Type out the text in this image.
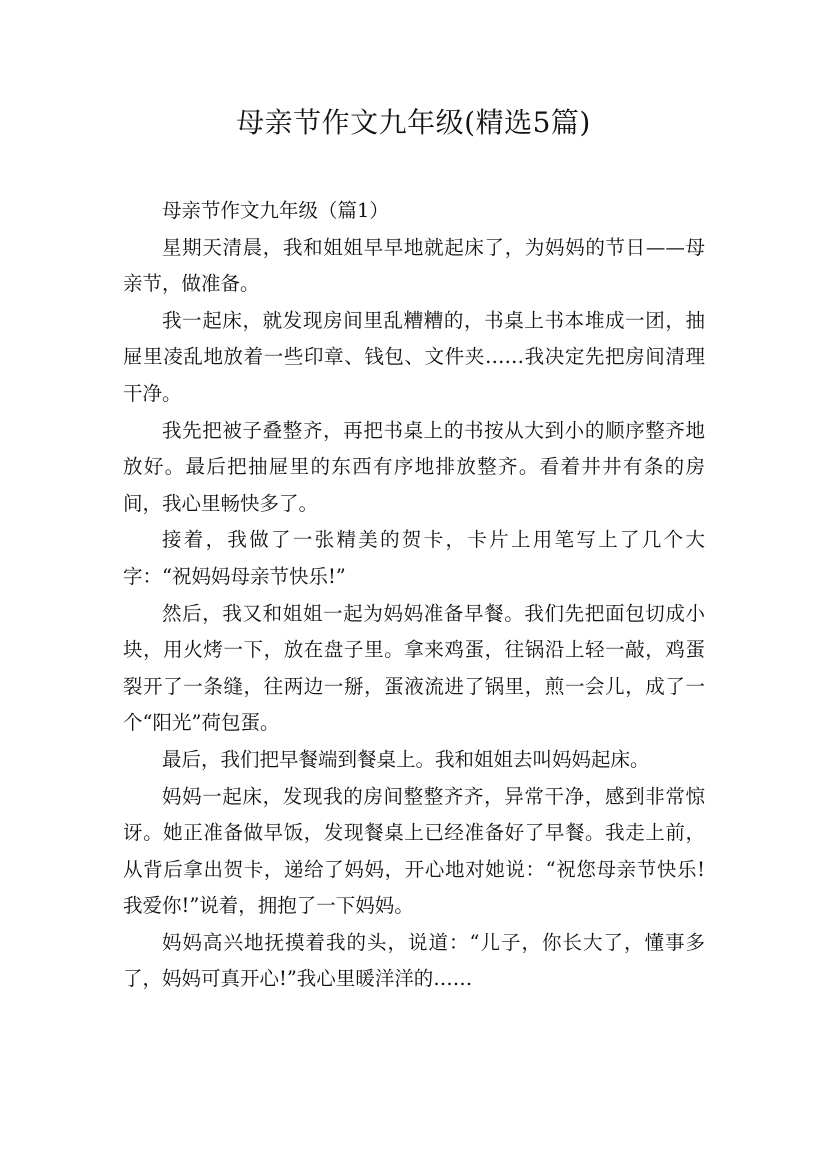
母亲节作文九年级(精选5篇)

母亲节作文九年级（篇1）

星期天清晨，我和姐姐早早地就起床了，为妈妈的节日——母亲节，做准备。

我一起床，就发现房间里乱糟糟的，书桌上书本堆成一团，抽屉里凌乱地放着一些印章、钱包、文件夹……我决定先把房间清理干净。

我先把被子叠整齐，再把书桌上的书按从大到小的顺序整齐地放好。最后把抽屉里的东西有序地排放整齐。看着井井有条的房间，我心里畅快多了。

接着，我做了一张精美的贺卡，卡片上用笔写上了几个大字：“祝妈妈母亲节快乐!”

然后，我又和姐姐一起为妈妈准备早餐。我们先把面包切成小块，用火烤一下，放在盘子里。拿来鸡蛋，往锅沿上轻一敲，鸡蛋裂开了一条缝，往两边一掰，蛋液流进了锅里，煎一会儿，成了一个“阳光”荷包蛋。

最后，我们把早餐端到餐桌上。我和姐姐去叫妈妈起床。

妈妈一起床，发现我的房间整整齐齐，异常干净，感到非常惊讶。她正准备做早饭，发现餐桌上已经准备好了早餐。我走上前，从背后拿出贺卡，递给了妈妈，开心地对她说：“祝您母亲节快乐!我爱你!”说着，拥抱了一下妈妈。

妈妈高兴地抚摸着我的头，说道：“儿子，你长大了，懂事多了，妈妈可真开心!”我心里暖洋洋的……
